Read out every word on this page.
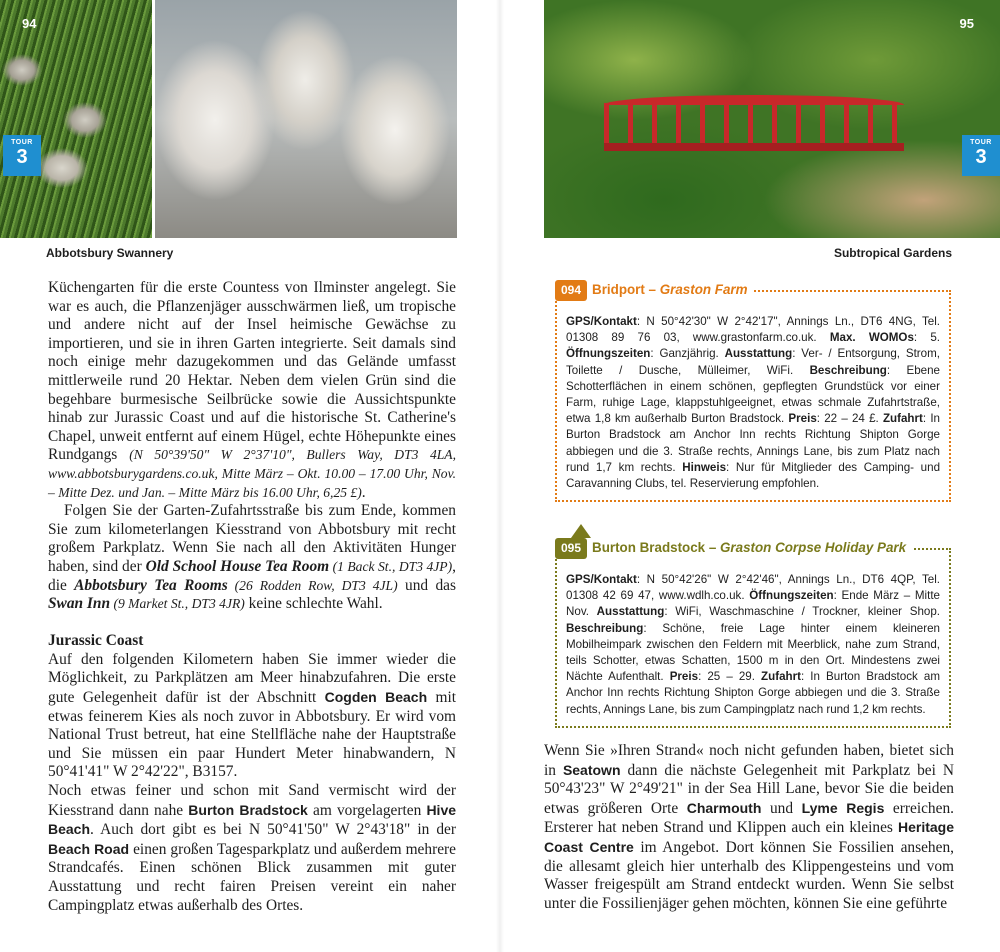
94
TOUR
3
Abbotsbury Swannery

Küchengarten für die erste Countess von Ilminster angelegt. Sie war es auch, die Pflanzenjäger ausschwärmen ließ, um tropische und andere nicht auf der Insel heimische Gewächse zu importieren, und sie in ihren Garten integrierte. Seit damals sind noch einige mehr dazugekommen und das Gelände umfasst mittlerweile rund 20 Hektar. Neben dem vielen Grün sind die begehbare burmesische Seilbrücke sowie die Aussichtspunkte hinab zur Jurassic Coast und auf die historische St. Catherine's Chapel, unweit entfernt auf einem Hügel, echte Höhepunkte eines Rundgangs (N 50°39'50" W 2°37'10", Bullers Way, DT3 4LA, www.abbotsburygardens.co.uk, Mitte März – Okt. 10.00 – 17.00 Uhr, Nov. – Mitte Dez. und Jan. – Mitte März bis 16.00 Uhr, 6,25 £).

Folgen Sie der Garten-Zufahrtsstraße bis zum Ende, kommen Sie zum kilometerlangen Kiesstrand von Abbotsbury mit recht großem Parkplatz. Wenn Sie nach all den Aktivitäten Hunger haben, sind der Old School House Tea Room (1 Back St., DT3 4JP), die Abbotsbury Tea Rooms (26 Rodden Row, DT3 4JL) und das Swan Inn (9 Market St., DT3 4JR) keine schlechte Wahl.

Jurassic Coast

Auf den folgenden Kilometern haben Sie immer wieder die Möglichkeit, zu Parkplätzen am Meer hinabzufahren. Die erste gute Gelegenheit dafür ist der Abschnitt Cogden Beach mit etwas feinerem Kies als noch zuvor in Abbotsbury. Er wird vom National Trust betreut, hat eine Stellfläche nahe der Hauptstraße und Sie müssen ein paar Hundert Meter hinabwandern, N 50°41'41" W 2°42'22", B3157.

Noch etwas feiner und schon mit Sand vermischt wird der Kiesstrand dann nahe Burton Bradstock am vorgelagerten Hive Beach. Auch dort gibt es bei N 50°41'50" W 2°43'18" in der Beach Road einen großen Tagesparkplatz und außerdem mehrere Strandcafés. Einen schönen Blick zusammen mit guter Ausstattung und recht fairen Preisen vereint ein naher Campingplatz etwas außerhalb des Ortes.

95
TOUR
3
Subtropical Gardens
094 Bridport – Graston Farm
GPS/Kontakt: N 50°42'30" W 2°42'17", Annings Ln., DT6 4NG, Tel. 01308 89 76 03, www.grastonfarm.co.uk. Max. WOMOs: 5. Öffnungszeiten: Ganzjährig. Ausstattung: Ver- / Entsorgung, Strom, Toilette / Dusche, Mülleimer, WiFi. Beschreibung: Ebene Schotterflächen in einem schönen, gepflegten Grundstück vor einer Farm, ruhige Lage, klappstuhlgeeignet, etwas schmale Zufahrtstraße, etwa 1,8 km außerhalb Burton Bradstock. Preis: 22 – 24 £. Zufahrt: In Burton Bradstock am Anchor Inn rechts Richtung Shipton Gorge abbiegen und die 3. Straße rechts, Annings Lane, bis zum Platz nach rund 1,7 km rechts. Hinweis: Nur für Mitglieder des Camping- und Caravanning Clubs, tel. Reservierung empfohlen.
095 Burton Bradstock – Graston Corpse Holiday Park
GPS/Kontakt: N 50°42'26" W 2°42'46", Annings Ln., DT6 4QP, Tel. 01308 42 69 47, www.wdlh.co.uk. Öffnungszeiten: Ende März – Mitte Nov. Ausstattung: WiFi, Waschmaschine / Trockner, kleiner Shop. Beschreibung: Schöne, freie Lage hinter einem kleineren Mobilheimpark zwischen den Feldern mit Meerblick, nahe zum Strand, teils Schotter, etwas Schatten, 1500 m in den Ort. Mindestens zwei Nächte Aufenthalt. Preis: 25 – 29. Zufahrt: In Burton Bradstock am Anchor Inn rechts Richtung Shipton Gorge abbiegen und die 3. Straße rechts, Annings Lane, bis zum Campingplatz nach rund 1,2 km rechts.

Wenn Sie »Ihren Strand« noch nicht gefunden haben, bietet sich in Seatown dann die nächste Gelegenheit mit Parkplatz bei N 50°43'23" W 2°49'21" in der Sea Hill Lane, bevor Sie die beiden etwas größeren Orte Charmouth und Lyme Regis erreichen. Ersterer hat neben Strand und Klippen auch ein kleines Heritage Coast Centre im Angebot. Dort können Sie Fossilien ansehen, die allesamt gleich hier unterhalb des Klippengesteins und vom Wasser freigespült am Strand entdeckt wurden. Wenn Sie selbst unter die Fossilienjäger gehen möchten, können Sie eine geführte
